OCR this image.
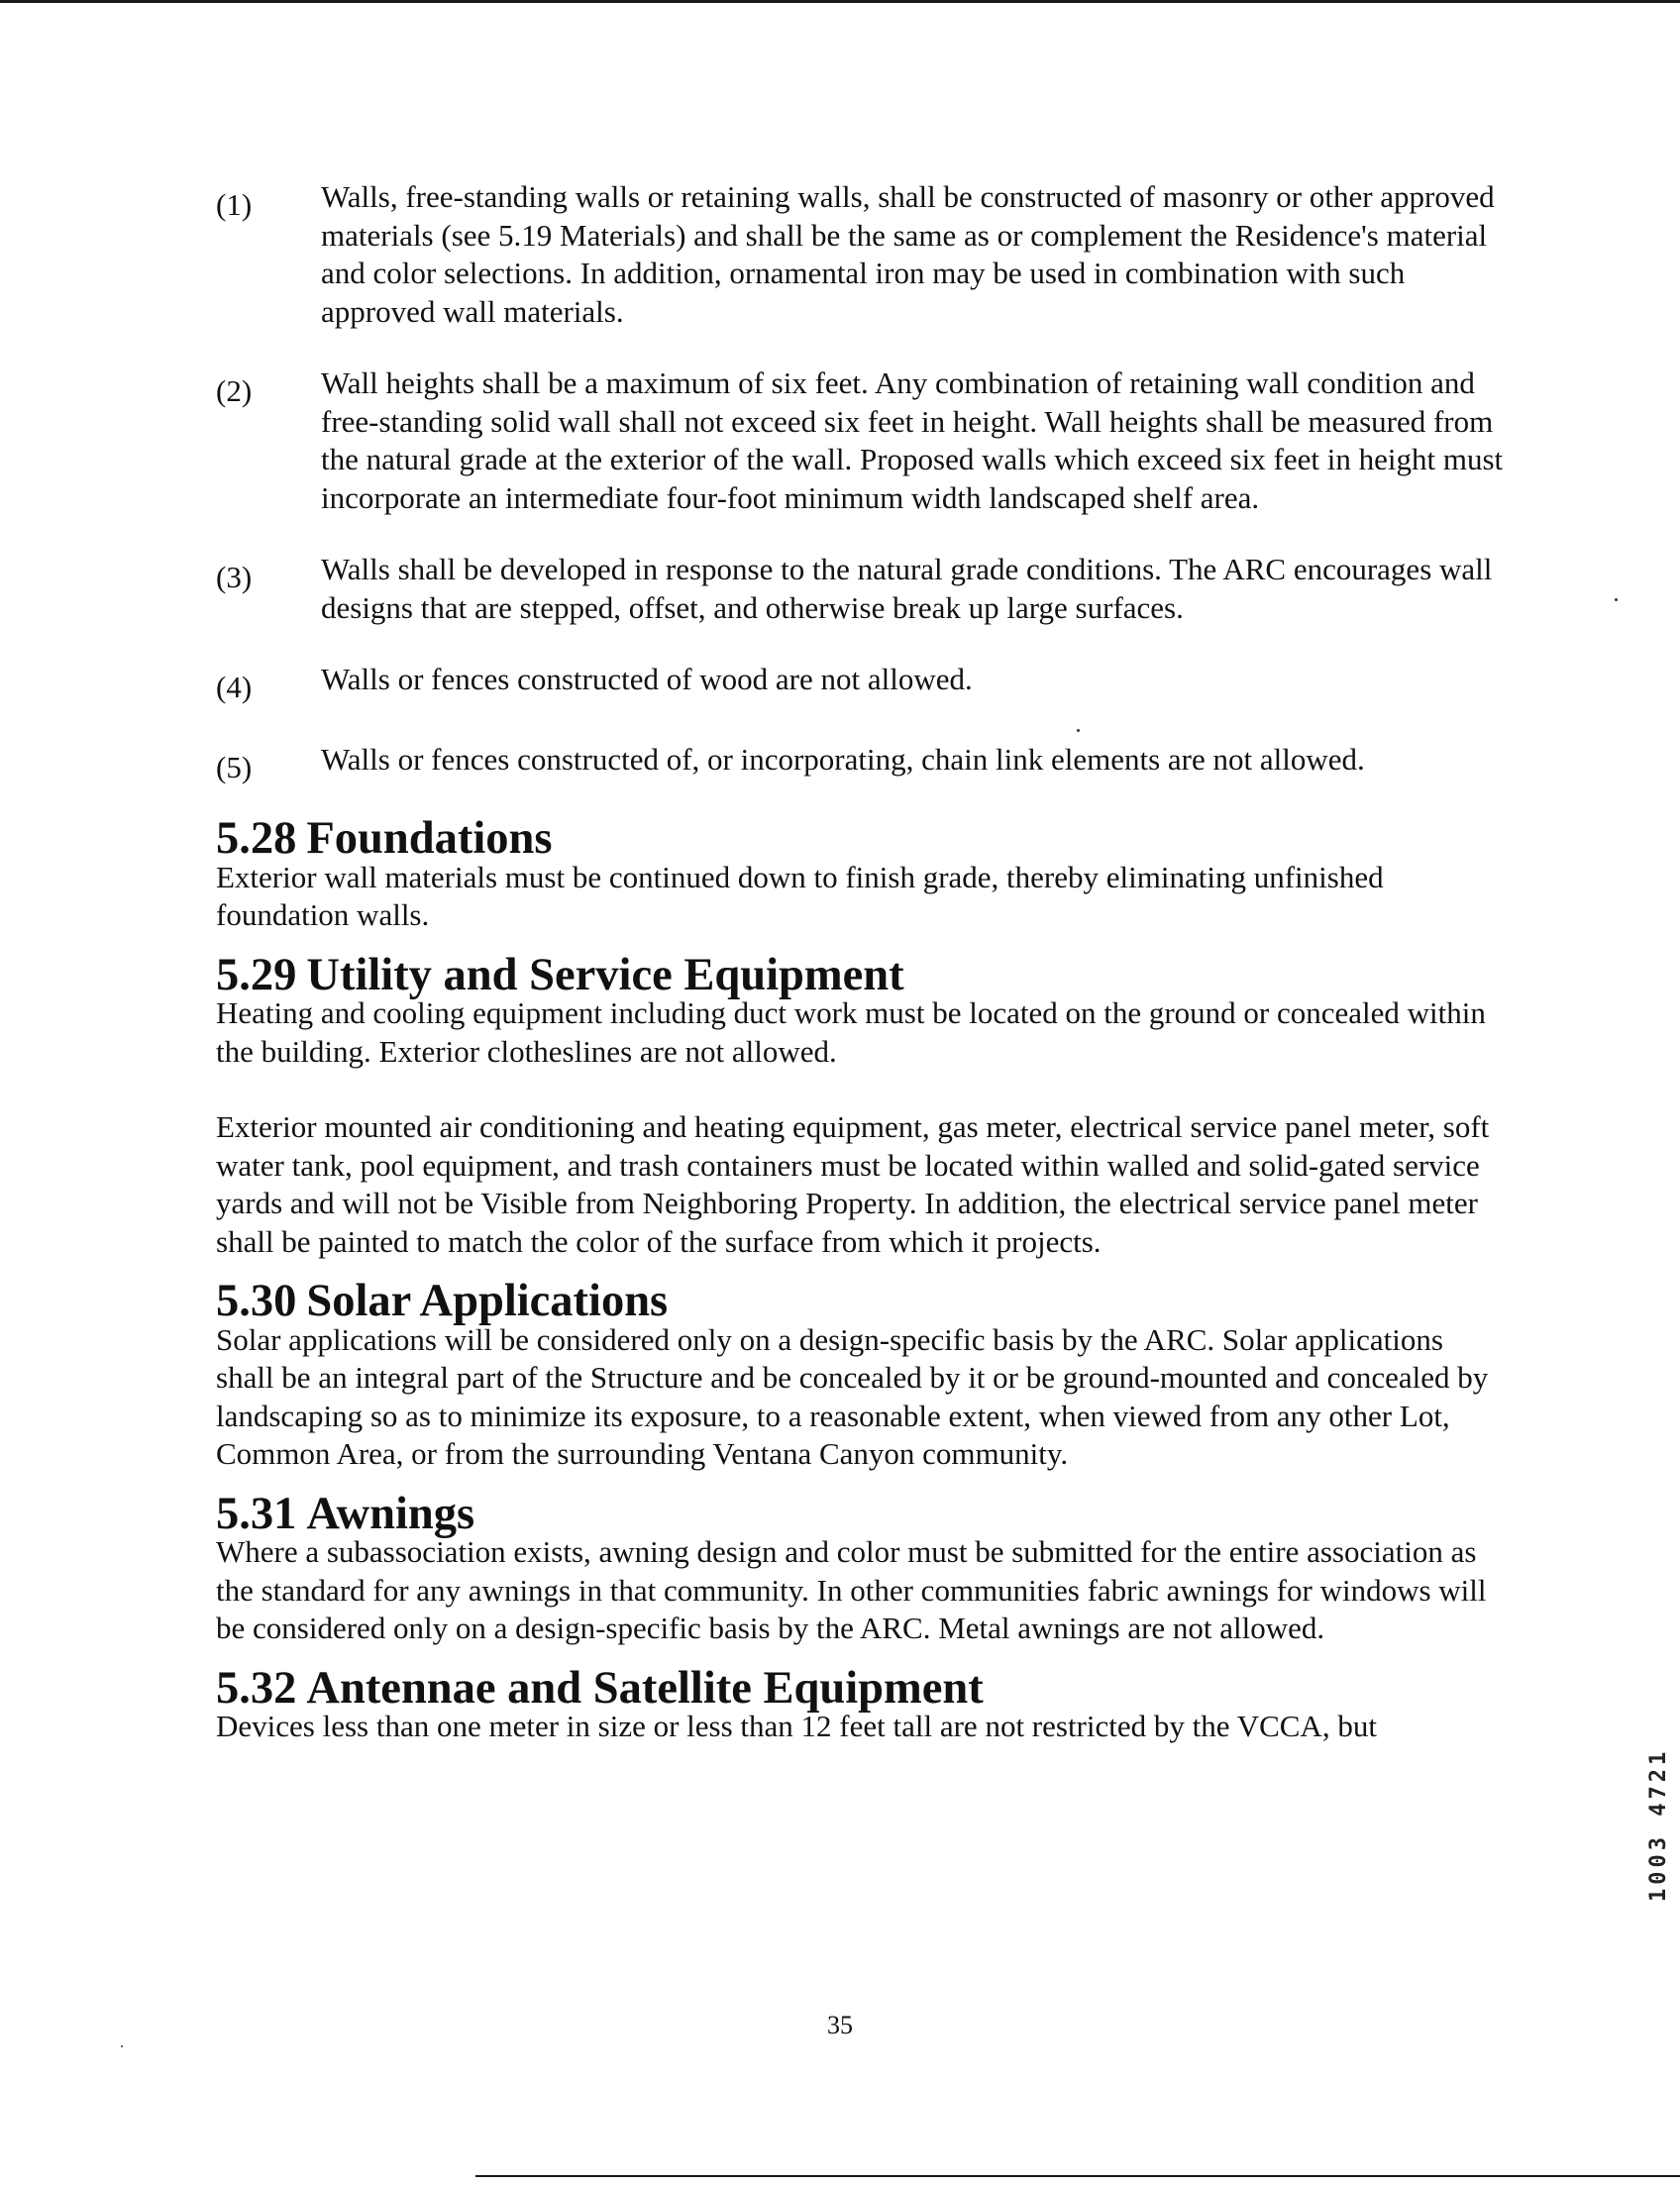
(1)	Walls, free-standing walls or retaining walls, shall be constructed of masonry or other approved materials (see 5.19 Materials) and shall be the same as or complement the Residence's material and color selections. In addition, ornamental iron may be used in combination with such approved wall materials.
(2)	Wall heights shall be a maximum of six feet. Any combination of retaining wall condition and free-standing solid wall shall not exceed six feet in height. Wall heights shall be measured from the natural grade at the exterior of the wall. Proposed walls which exceed six feet in height must incorporate an intermediate four-foot minimum width landscaped shelf area.
(3)	Walls shall be developed in response to the natural grade conditions. The ARC encourages wall designs that are stepped, offset, and otherwise break up large surfaces.
(4)	Walls or fences constructed of wood are not allowed.
(5)	Walls or fences constructed of, or incorporating, chain link elements are not allowed.
5.28 Foundations

Exterior wall materials must be continued down to finish grade, thereby eliminating unfinished foundation walls.

5.29 Utility and Service Equipment

Heating and cooling equipment including duct work must be located on the ground or concealed within the building. Exterior clotheslines are not allowed.

Exterior mounted air conditioning and heating equipment, gas meter, electrical service panel meter, soft water tank, pool equipment, and trash containers must be located within walled and solid-gated service yards and will not be Visible from Neighboring Property. In addition, the electrical service panel meter shall be painted to match the color of the surface from which it projects.

5.30 Solar Applications

Solar applications will be considered only on a design-specific basis by the ARC. Solar applications shall be an integral part of the Structure and be concealed by it or be ground-mounted and concealed by landscaping so as to minimize its exposure, to a reasonable extent, when viewed from any other Lot, Common Area, or from the surrounding Ventana Canyon community.

5.31 Awnings

Where a subassociation exists, awning design and color must be submitted for the entire association as the standard for any awnings in that community. In other communities fabric awnings for windows will be considered only on a design-specific basis by the ARC. Metal awnings are not allowed.

5.32 Antennae and Satellite Equipment

Devices less than one meter in size or less than 12 feet tall are not restricted by the VCCA, but

35
1003 4721
